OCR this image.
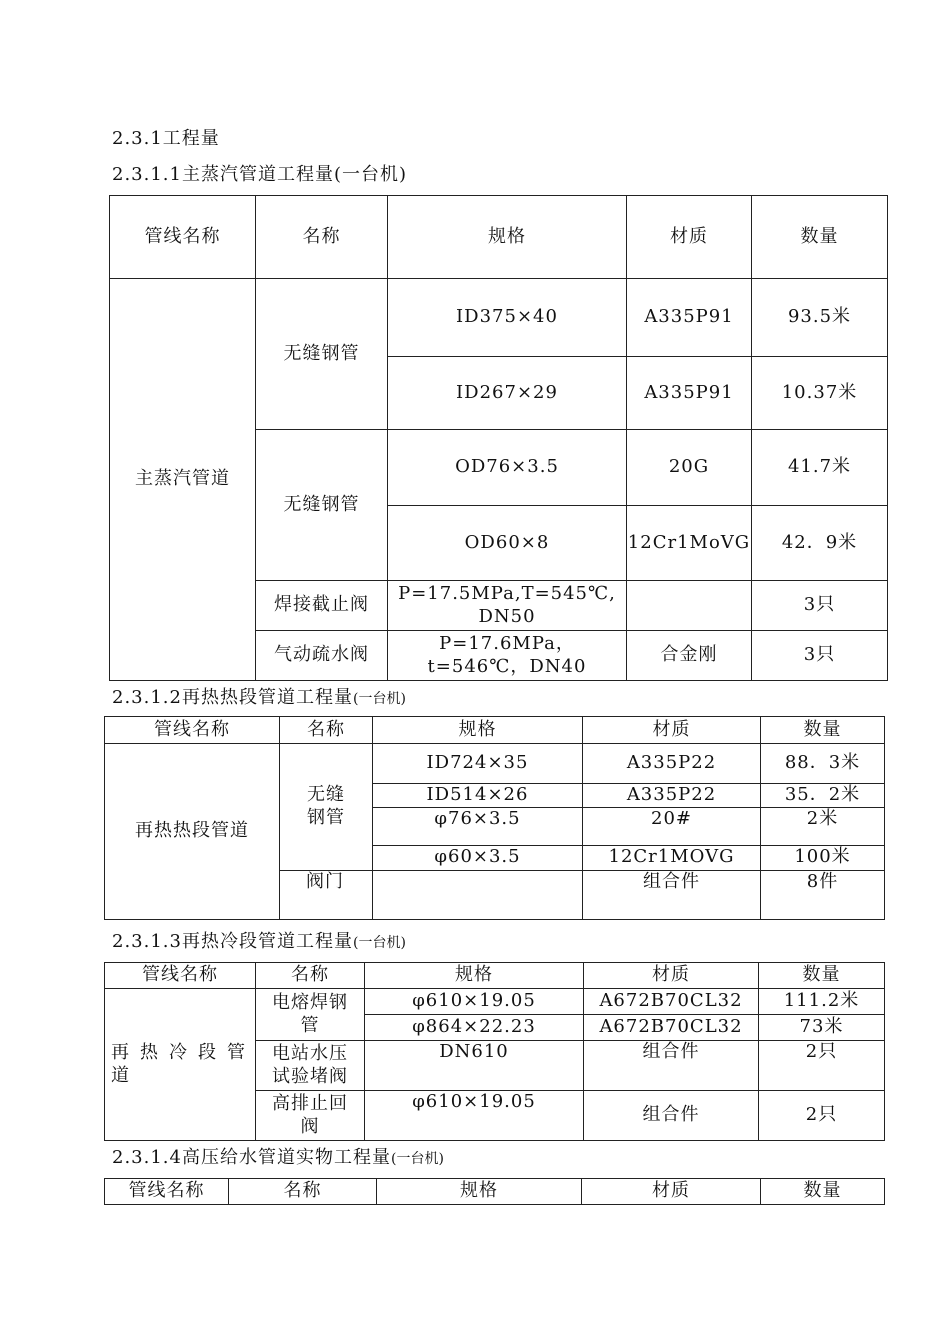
2.3.1工程量
2.3.1.1主蒸汽管道工程量(一台机)
管线名称	名称	规格	材质	数量
主蒸汽管道	无缝钢管	ID375×40	A335P91	93.5米
		ID267×29	A335P91	10.37米
	无缝钢管	OD76×3.5	20G	41.7米
		OD60×8	12Cr1MoVG	42．9米
	焊接截止阀	P=17.5MPa,T=545℃,DN50		3只
	气动疏水阀	P=17.6MPa，t=546℃，DN40	合金刚	3只
2.3.1.2再热热段管道工程量(一台机)
管线名称	名称	规格	材质	数量
再热热段管道	无缝钢管	ID724×35	A335P22	88．3米
		ID514×26	A335P22	35．2米
		φ76×3.5	20#	2米
		φ60×3.5	12Cr1MOVG	100米
	阀门		组合件	8件
2.3.1.3再热冷段管道工程量(一台机)
管线名称	名称	规格	材质	数量
再热冷段管道	电熔焊钢管	φ610×19.05	A672B70CL32	111.2米
		φ864×22.23	A672B70CL32	73米
	电站水压试验堵阀	DN610	组合件	2只
	高排止回阀	φ610×19.05	组合件	2只
2.3.1.4高压给水管道实物工程量(一台机)
管线名称	名称	规格	材质	数量
